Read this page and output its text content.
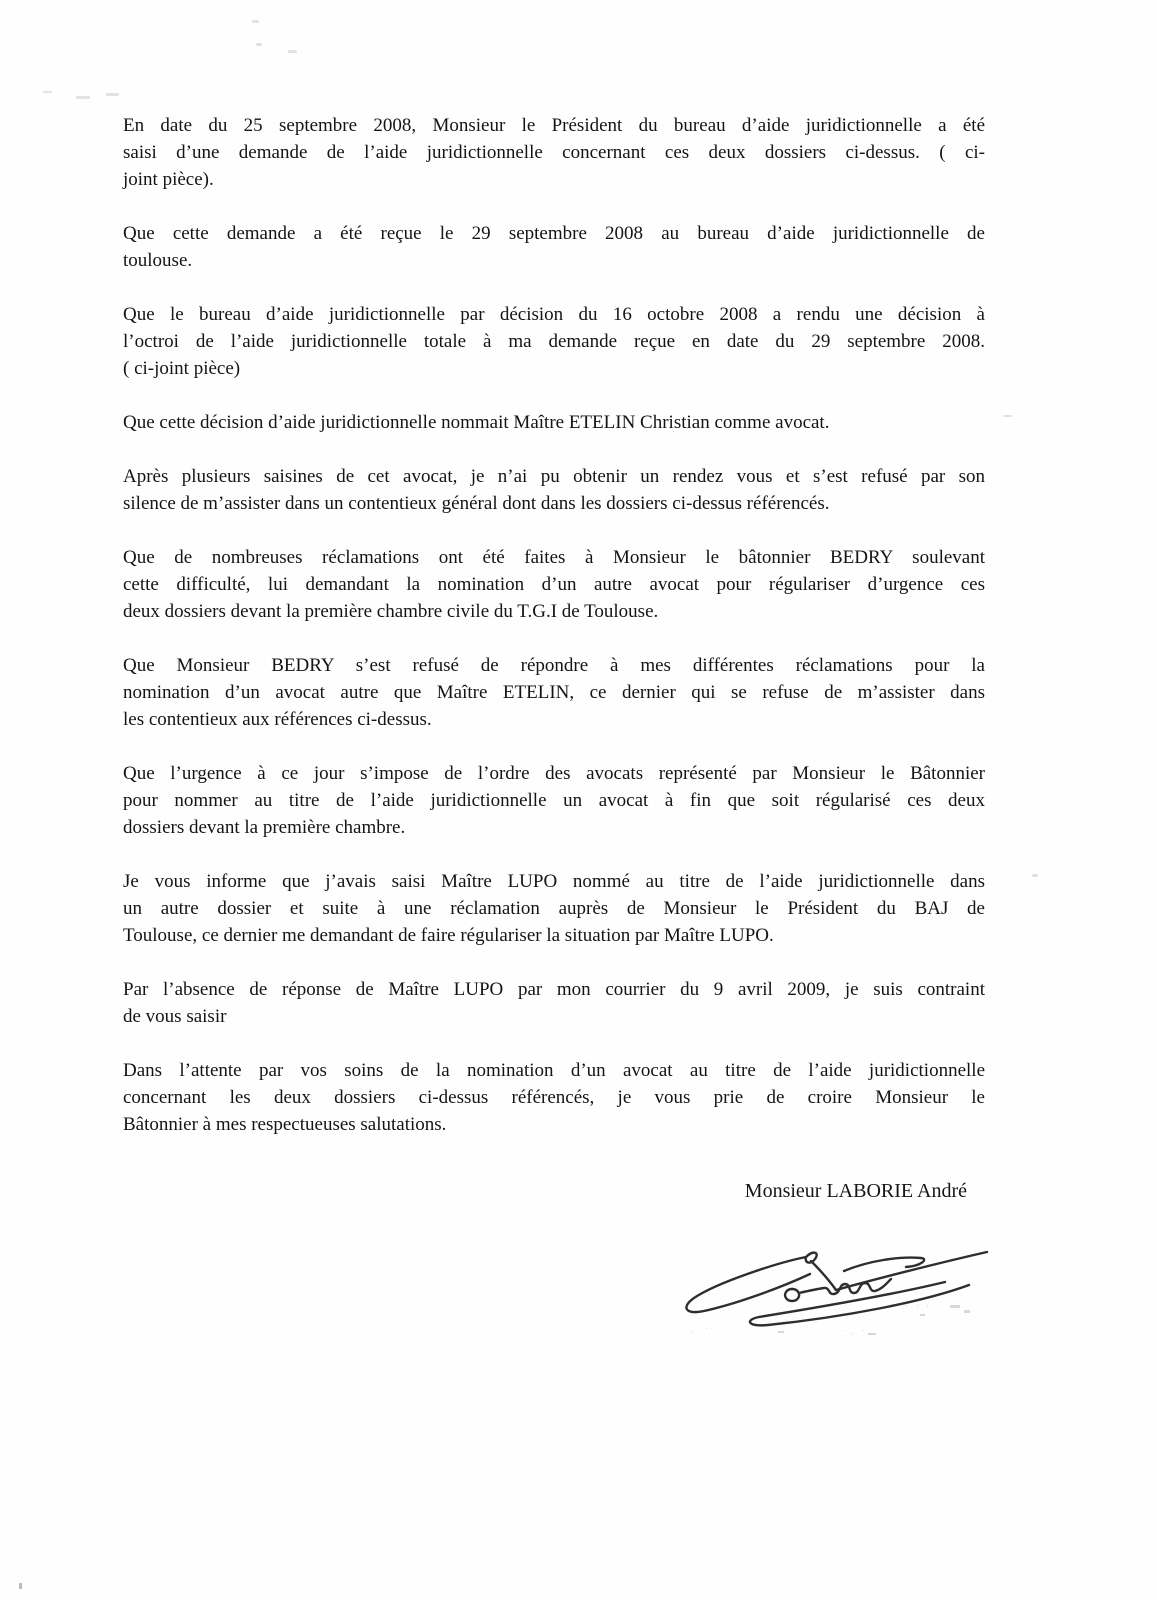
En date du 25 septembre 2008, Monsieur le Président du bureau d’aide juridictionnelle a été
saisi d’une demande de l’aide juridictionnelle concernant ces deux dossiers ci-dessus. ( ci-
joint pièce).

Que cette demande a été reçue le 29 septembre 2008 au bureau d’aide juridictionnelle de
toulouse.

Que le bureau d’aide juridictionnelle par décision du 16 octobre 2008 a rendu une décision à
l’octroi de l’aide juridictionnelle totale à ma demande reçue en date du 29 septembre 2008.
( ci-joint pièce)

Que cette décision d’aide juridictionnelle nommait Maître ETELIN Christian comme avocat.

Après plusieurs saisines de cet avocat, je n’ai pu obtenir un rendez vous et s’est refusé par son
silence de m’assister dans un contentieux général dont dans les dossiers ci-dessus référencés.

Que de nombreuses réclamations ont été faites à Monsieur le bâtonnier BEDRY soulevant
cette difficulté, lui demandant la nomination d’un autre avocat pour régulariser d’urgence ces
deux dossiers devant la première chambre civile du T.G.I de Toulouse.

Que Monsieur BEDRY s’est refusé de répondre à mes différentes réclamations pour la
nomination d’un avocat autre que Maître ETELIN, ce dernier qui se refuse de m’assister dans
les contentieux aux références ci-dessus.

Que l’urgence à ce jour s’impose de l’ordre des avocats représenté par Monsieur le Bâtonnier
pour nommer au titre de l’aide juridictionnelle un avocat à fin que soit régularisé ces deux
dossiers devant la première chambre.

Je vous informe que j’avais saisi Maître LUPO nommé au titre de l’aide juridictionnelle dans
un autre dossier et suite à une réclamation auprès de Monsieur le Président du BAJ de
Toulouse, ce dernier me demandant de faire régulariser la situation par Maître LUPO.

Par l’absence de réponse de Maître LUPO par mon courrier du 9 avril 2009, je suis contraint
de vous saisir

Dans l’attente par vos soins de la nomination d’un avocat au titre de l’aide juridictionnelle
concernant les deux dossiers ci-dessus référencés, je vous prie de croire Monsieur le
Bâtonnier à mes respectueuses salutations.

Monsieur LABORIE André
·˙· ·
·  ˙	˙ · ˙·
